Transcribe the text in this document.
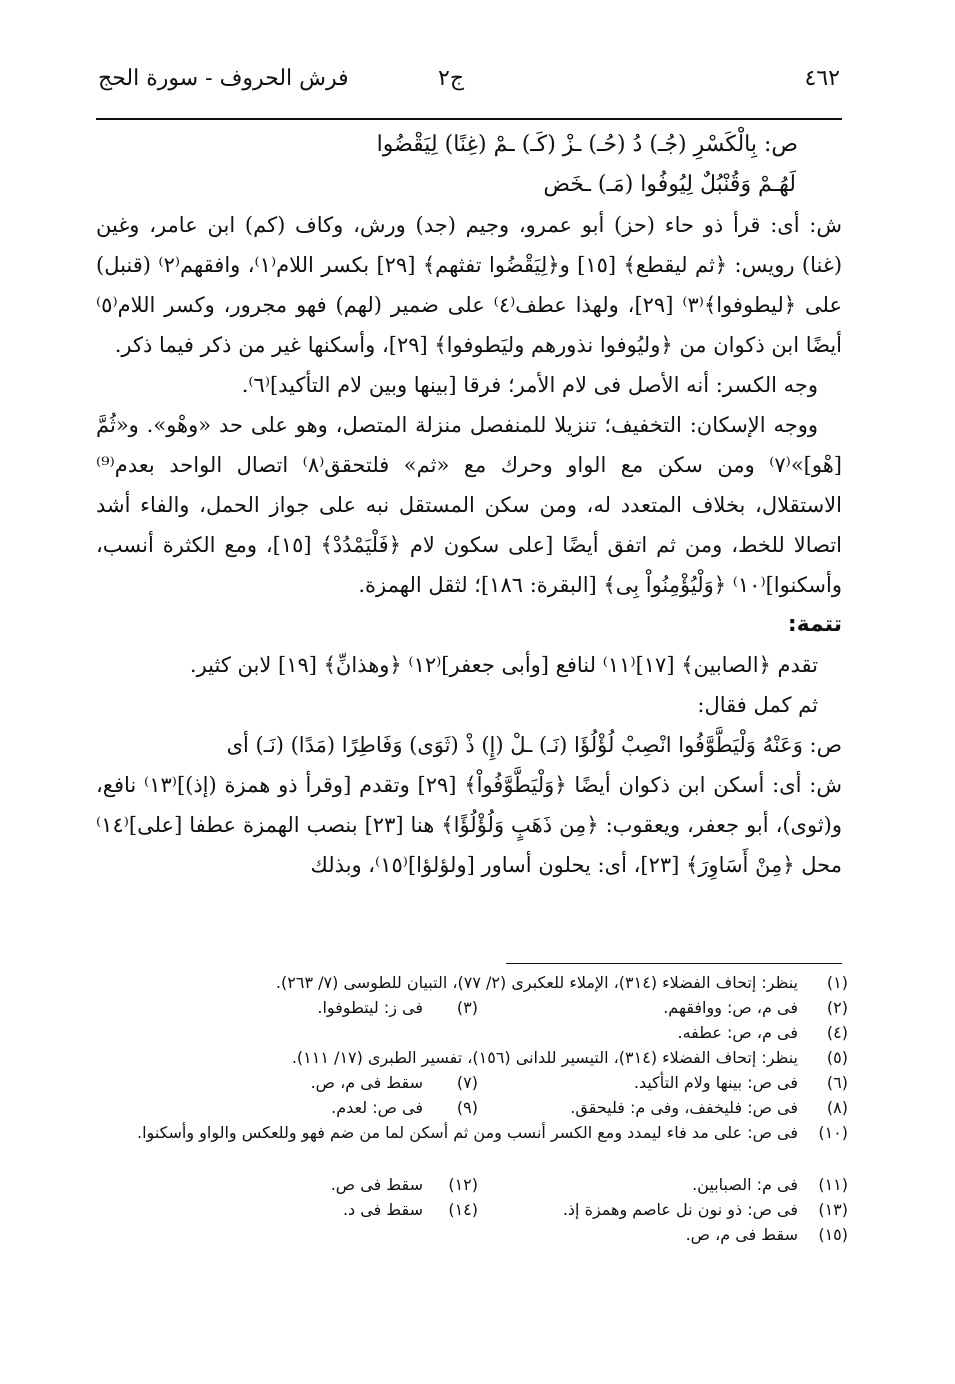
٤٦٢
ج٢
فرش الحروف - سورة الحج

ص: بِالْكَسْرِ (جُـ) دُ (حُـ) ـزْ (كَـ) ـمْ (غِنًا) لِيَقْضُوا

لَهُـمْ وَقُنْبُلٌ لِيُوفُوا (مَـ) ـخَض

ش: أى: قرأ ذو حاء (حز) أبو عمرو، وجيم (جد) ورش، وكاف (كم) ابن عامر، وغين (غنا) رويس: ﴿ثم ليقطع﴾ [١٥] و﴿لِيَقْضُوا تفثهم﴾ [٢٩] بكسر اللام⁽١⁾، وافقهم⁽٢⁾ (قنبل) على ﴿ليطوفوا﴾⁽٣⁾ [٢٩]، ولهذا عطف⁽٤⁾ على ضمير (لهم) فهو مجرور، وكسر اللام⁽٥⁾ أيضًا ابن ذكوان من ﴿وليُوفوا نذورهم وليَطوفوا﴾ [٢٩]، وأسكنها غير من ذكر فيما ذكر.

وجه الكسر: أنه الأصل فى لام الأمر؛ فرقا [بينها وبين لام التأكيد]⁽٦⁾.

ووجه الإسكان: التخفيف؛ تنزيلا للمنفصل منزلة المتصل، وهو على حد «وهْو». و«ثُمَّ [هْو]»⁽٧⁾ ومن سكن مع الواو وحرك مع «ثم» فلتحقق⁽٨⁾ اتصال الواحد بعدم⁽⁹⁾ الاستقلال، بخلاف المتعدد له، ومن سكن المستقل نبه على جواز الحمل، والفاء أشد اتصالا للخط، ومن ثم اتفق أيضًا [على سكون لام ﴿فَلْيَمْدُدْ﴾ [١٥]، ومع الكثرة أنسب، وأسكنوا]⁽١٠⁾ ﴿وَلْيُؤْمِنُواْ بِى﴾ [البقرة: ١٨٦]؛ لثقل الهمزة.

تتمة:

تقدم ﴿الصابين﴾ [١٧]⁽١١⁾ لنافع [وأبى جعفر]⁽١٢⁾ ﴿وهذانِّ﴾ [١٩] لابن كثير.

ثم كمل فقال:

ص: وَعَنْهُ وَلْيَطَّوَّفُوا انْصِبْ لُؤْلُؤَا (نَـ) ـلْ (إِ) ذْ (ثَوَى) وَفَاطِرًا (مَدًا) (نَـ) أى

ش: أى: أسكن ابن ذكوان أيضًا ﴿وَلْيَطَّوَّفُواْ﴾ [٢٩] وتقدم [وقرأ ذو همزة (إذ)]⁽١٣⁾ نافع، و(ثوى)، أبو جعفر، ويعقوب: ﴿مِن ذَهَبٍ وَلُؤْلُؤًا﴾ هنا [٢٣] بنصب الهمزة عطفا [على]⁽١٤⁾ محل ﴿مِنْ أَسَاوِرَ﴾ [٢٣]، أى: يحلون أساور [ولؤلؤا]⁽١٥⁾، وبذلك

(١)
ينظر: إتحاف الفضلاء (٣١٤)، الإملاء للعكبرى (٢/ ٧٧)، التبيان للطوسى (٧/ ٢٦٣).
(٢)
فى م، ص: ووافقهم.
(٣)
فى ز: ليتطوفوا.
(٤)
فى م، ص: عطفه.
(٥)
ينظر: إتحاف الفضلاء (٣١٤)، التيسير للدانى (١٥٦)، تفسير الطبرى (١٧/ ١١١).
(٦)
فى ص: بينها ولام التأكيد.
(٧)
سقط فى م، ص.
(٨)
فى ص: فليخفف، وفى م: فليحقق.
(٩)
فى ص: لعدم.
(١٠)
فى ص: على مد فاء ليمدد ومع الكسر أنسب ومن ثم أسكن لما من ضم فهو وللعكس والواو وأسكنوا.
(١١)
فى م: الصبابين.
(١٢)
سقط فى ص.
(١٣)
فى ص: ذو نون نل عاصم وهمزة إذ.
(١٤)
سقط فى د.
(١٥)
سقط فى م، ص.
